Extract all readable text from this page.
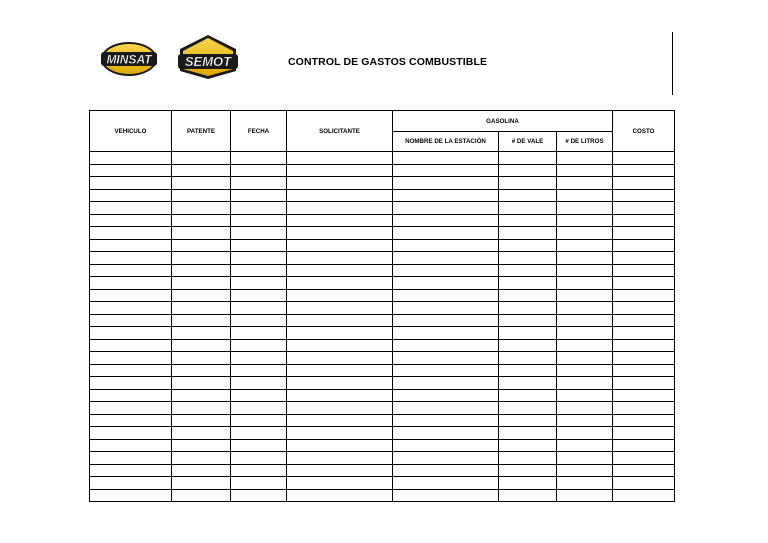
MINSAT	SEMOT	CONTROL DE GASTOS COMBUSTIBLE
VEHICULO	PATENTE	FECHA	SOLICITANTE	GASOLINA			COSTO
				NOMBRE DE LA ESTACIÓN	# DE VALE	# DE LITROS	
